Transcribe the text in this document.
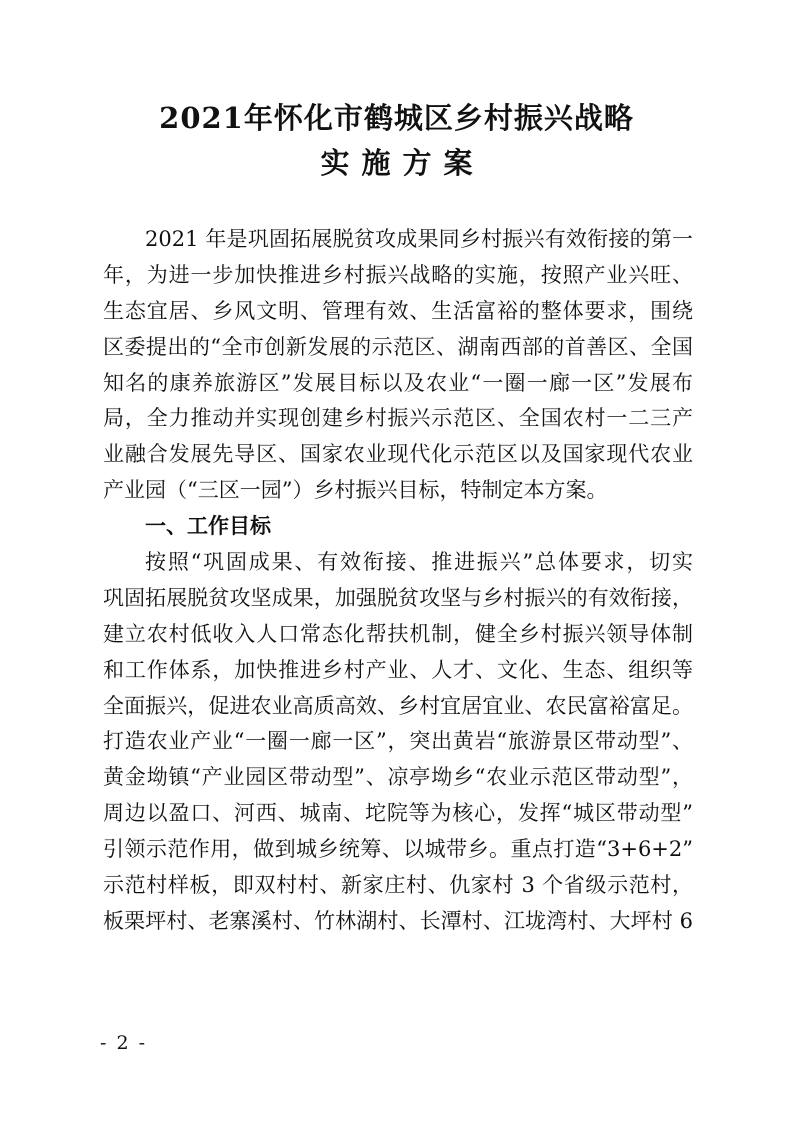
2021年怀化市鹤城区乡村振兴战略
实施方案
2021 年是巩固拓展脱贫攻成果同乡村振兴有效衔接的第一
年，为进一步加快推进乡村振兴战略的实施，按照产业兴旺、
生态宜居、乡风文明、管理有效、生活富裕的整体要求，围绕
区委提出的“全市创新发展的示范区、湖南西部的首善区、全国
知名的康养旅游区”发展目标以及农业“一圈一廊一区”发展布
局，全力推动并实现创建乡村振兴示范区、全国农村一二三产
业融合发展先导区、国家农业现代化示范区以及国家现代农业
产业园（“三区一园”）乡村振兴目标，特制定本方案。
一、工作目标
按照“巩固成果、有效衔接、推进振兴”总体要求，切实
巩固拓展脱贫攻坚成果，加强脱贫攻坚与乡村振兴的有效衔接，
建立农村低收入人口常态化帮扶机制，健全乡村振兴领导体制
和工作体系，加快推进乡村产业、人才、文化、生态、组织等
全面振兴，促进农业高质高效、乡村宜居宜业、农民富裕富足。
打造农业产业“一圈一廊一区”，突出黄岩“旅游景区带动型”、
黄金坳镇“产业园区带动型”、凉亭坳乡“农业示范区带动型”，
周边以盈口、河西、城南、坨院等为核心，发挥“城区带动型”
引领示范作用，做到城乡统筹、以城带乡。重点打造“3+6+2”
示范村样板，即双村村、新家庄村、仇家村 3 个省级示范村，
板栗坪村、老寨溪村、竹林湖村、长潭村、江垅湾村、大坪村 6
- 2 -
